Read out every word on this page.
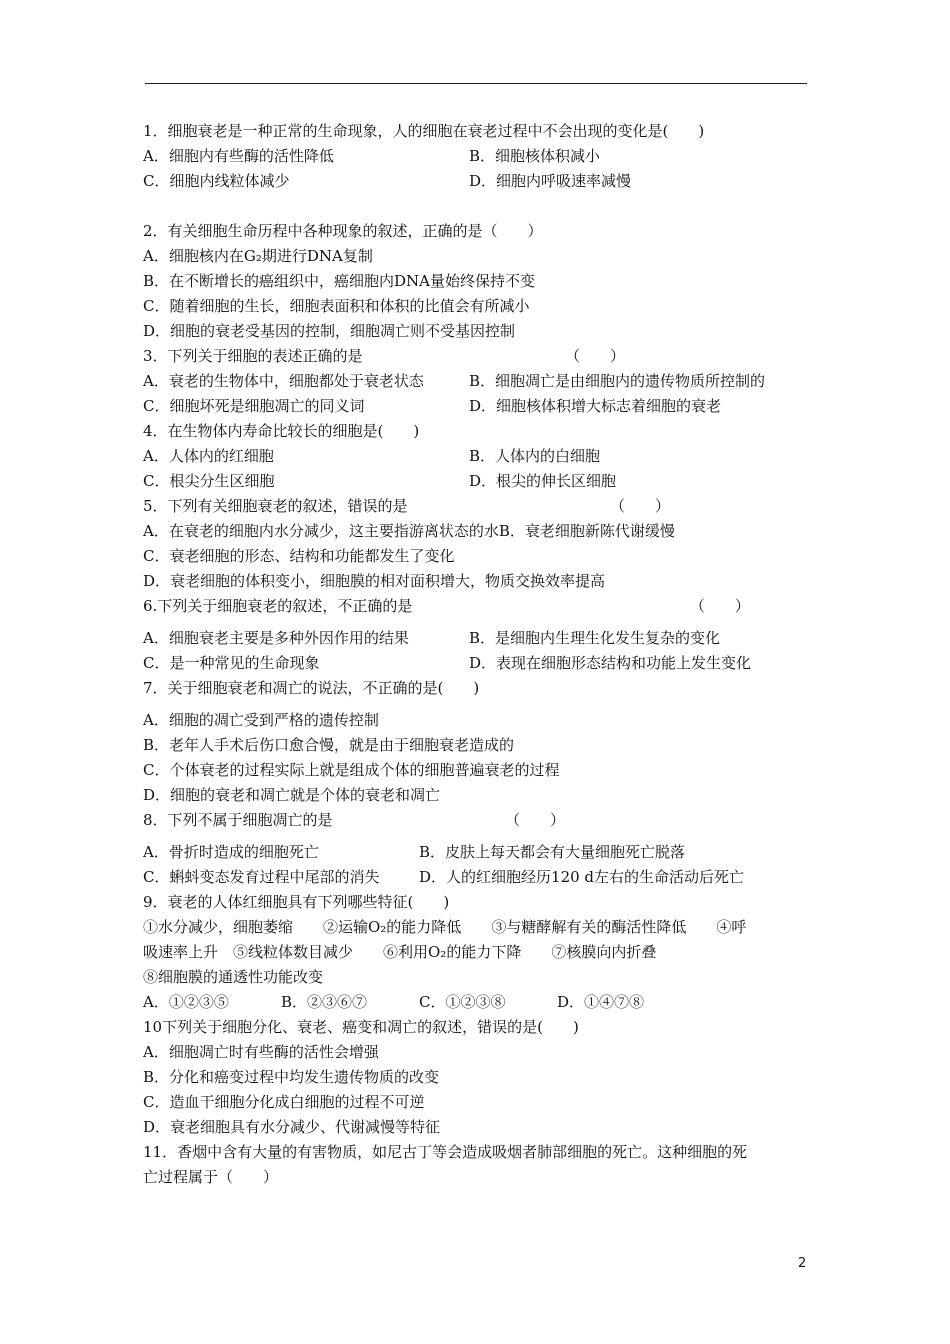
1．细胞衰老是一种正常的生命现象，人的细胞在衰老过程中不会出现的变化是(　　)
A．细胞内有些酶的活性降低	B．细胞核体积减小
C．细胞内线粒体减少	D．细胞内呼吸速率减慢
2．有关细胞生命历程中各种现象的叙述，正确的是（　　）
A．细胞核内在G₂期进行DNA复制
B．在不断增长的癌组织中，癌细胞内DNA量始终保持不变
C．随着细胞的生长，细胞表面积和体积的比值会有所减小
D．细胞的衰老受基因的控制，细胞凋亡则不受基因控制
3．下列关于细胞的表述正确的是　　　　　　　　　　　　　　（　　）
A．衰老的生物体中，细胞都处于衰老状态	B．细胞凋亡是由细胞内的遗传物质所控制的
C．细胞坏死是细胞凋亡的同义词	D．细胞核体积增大标志着细胞的衰老
4．在生物体内寿命比较长的细胞是(　　)
A．人体内的红细胞	B．人体内的白细胞
C．根尖分生区细胞	D．根尖的伸长区细胞
5．下列有关细胞衰老的叙述，错误的是　　　　　　　　　　　　　　（　　）
A．在衰老的细胞内水分减少，这主要指游离状态的水B．衰老细胞新陈代谢缓慢
C．衰老细胞的形态、结构和功能都发生了变化
D．衰老细胞的体积变小，细胞膜的相对面积增大，物质交换效率提高
6.下列关于细胞衰老的叙述，不正确的是　　　　　　　　　　　　　　　　　　　（　　）
A．细胞衰老主要是多种外因作用的结果	B．是细胞内生理生化发生复杂的变化
C．是一种常见的生命现象	D．表现在细胞形态结构和功能上发生变化
7．关于细胞衰老和凋亡的说法，不正确的是(　　)
A．细胞的凋亡受到严格的遗传控制
B．老年人手术后伤口愈合慢，就是由于细胞衰老造成的
C．个体衰老的过程实际上就是组成个体的细胞普遍衰老的过程
D．细胞的衰老和凋亡就是个体的衰老和凋亡
8．下列不属于细胞凋亡的是　　　　　　　　　　　　（　　）
A．骨折时造成的细胞死亡	B．皮肤上每天都会有大量细胞死亡脱落
C．蝌蚪变态发育过程中尾部的消失	D．人的红细胞经历120 d左右的生命活动后死亡
9．衰老的人体红细胞具有下列哪些特征(　　)
①水分减少，细胞萎缩　　②运输O₂的能力降低　　③与糖酵解有关的酶活性降低　　④呼
吸速率上升　⑤线粒体数目减少　　⑥利用O₂的能力下降　　⑦核膜向内折叠
⑧细胞膜的通透性功能改变
A．①②③⑤	B．②③⑥⑦	C．①②③⑧	D．①④⑦⑧
10下列关于细胞分化、衰老、癌变和凋亡的叙述，错误的是(　　)
A．细胞凋亡时有些酶的活性会增强
B．分化和癌变过程中均发生遗传物质的改变
C．造血干细胞分化成白细胞的过程不可逆
D．衰老细胞具有水分减少、代谢减慢等特征
11．香烟中含有大量的有害物质，如尼古丁等会造成吸烟者肺部细胞的死亡。这种细胞的死
亡过程属于（　　）
2
